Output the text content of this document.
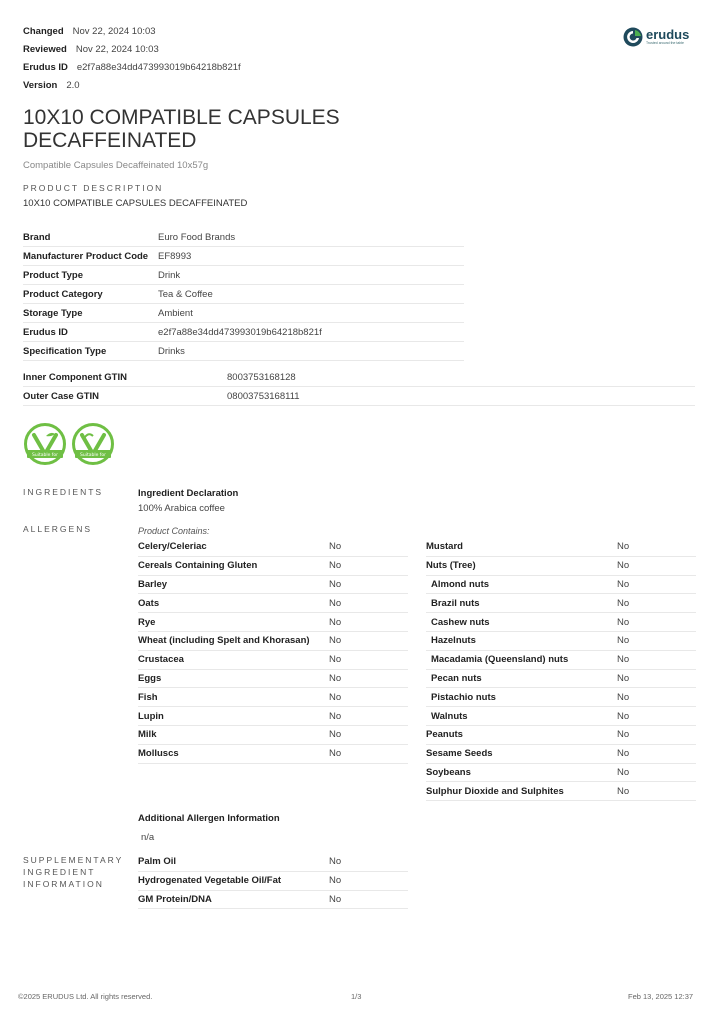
Changed Nov 22, 2024 10:03
Reviewed Nov 22, 2024 10:03
Erudus ID e2f7a88e34dd473993019b64218b821f
Version 2.0
erudus
Trusted around the table
10X10 COMPATIBLE CAPSULES
DECAFFEINATED
Compatible Capsules Decaffeinated 10x57g
PRODUCT DESCRIPTION
10X10 COMPATIBLE CAPSULES DECAFFEINATED
Brand	Euro Food Brands
Manufacturer Product Code	EF8993
Product Type	Drink
Product Category	Tea & Coffee
Storage Type	Ambient
Erudus ID	e2f7a88e34dd473993019b64218b821f
Specification Type	Drinks
Inner Component GTIN	8003753168128
Outer Case GTIN	08003753168111
Suitable for	Suitable for
INGREDIENTS	Ingredient Declaration
100% Arabica coffee
ALLERGENS	Product Contains:
Celery/Celeriac	No
Cereals Containing Gluten	No
Barley	No
Oats	No
Rye	No
Wheat (including Spelt and Khorasan)	No
Crustacea	No
Eggs	No
Fish	No
Lupin	No
Milk	No
Molluscs	No
Mustard	No
Nuts (Tree)	No
Almond nuts	No
Brazil nuts	No
Cashew nuts	No
Hazelnuts	No
Macadamia (Queensland) nuts	No
Pecan nuts	No
Pistachio nuts	No
Walnuts	No
Peanuts	No
Sesame Seeds	No
Soybeans	No
Sulphur Dioxide and Sulphites	No
Additional Allergen Information
n/a
SUPPLEMENTARY
INGREDIENT
INFORMATION
Palm Oil	No
Hydrogenated Vegetable Oil/Fat	No
GM Protein/DNA	No
©2025 ERUDUS Ltd. All rights reserved.	1/3	Feb 13, 2025 12:37
